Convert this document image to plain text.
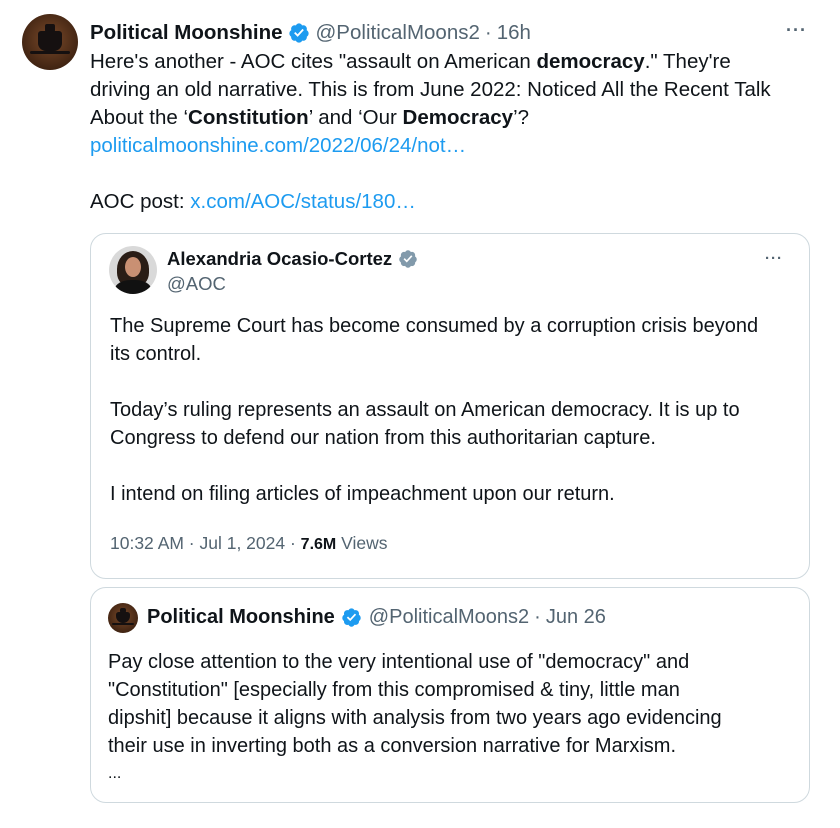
Political Moonshine @PoliticalMoons2 · 16h	···
Here's another - AOC cites "assault on American democracy." They're
driving an old narrative. This is from June 2022: Noticed All the Recent Talk
About the ‘Constitution’ and ‘Our Democracy’?
politicalmoonshine.com/2022/06/24/not…
AOC post: x.com/AOC/status/180…
Alexandria Ocasio-Cortez
@AOC
···
The Supreme Court has become consumed by a corruption crisis beyond
its control.
Today’s ruling represents an assault on American democracy. It is up to
Congress to defend our nation from this authoritarian capture.
I intend on filing articles of impeachment upon our return.
10:32 AM · Jul 1, 2024 · 7.6M Views
Political Moonshine @PoliticalMoons2 · Jun 26
Pay close attention to the very intentional use of "democracy" and
"Constitution" [especially from this compromised & tiny, little man
dipshit] because it aligns with analysis from two years ago evidencing
their use in inverting both as a conversion narrative for Marxism.
...
